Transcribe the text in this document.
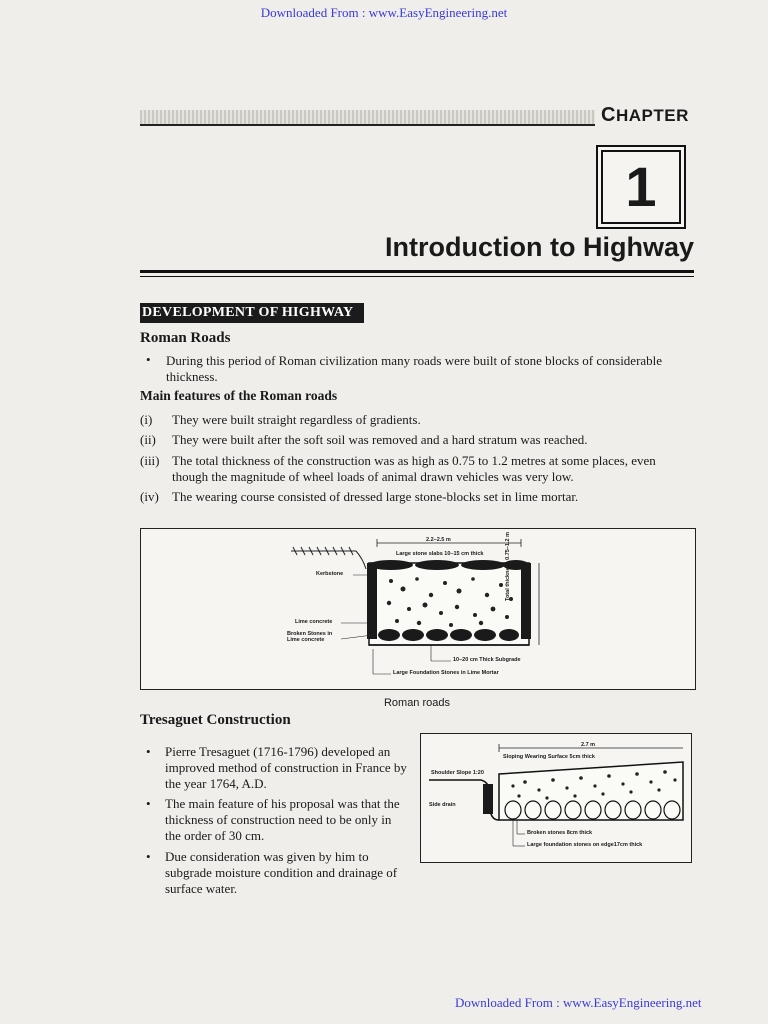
Downloaded From : www.EasyEngineering.net
CHAPTER
1
Introduction to Highway
DEVELOPMENT OF HIGHWAY
Roman Roads
• During this period of Roman civilization many roads were built of stone blocks of considerable thickness.
Main features of the Roman roads
(i) They were built straight regardless of gradients.
(ii) They were built after the soft soil was removed and a hard stratum was reached.
(iii) The total thickness of the construction was as high as 0.75 to 1.2 metres at some places, even though the magnitude of wheel loads of animal drawn vehicles was very low.
(iv) The wearing course consisted of dressed large stone-blocks set in lime mortar.
2.2–2.5 m
Large stone slabs 10–15 cm thick
Kerbstone
Lime concrete
Broken Stones in Lime concrete
10–20 cm Thick Subgrade
Large Foundation Stones in Lime Mortar
Total thickness 0.75–1.2 m
Roman roads
Tresaguet Construction
• Pierre Tresaguet (1716-1796) developed an improved method of construction in France by the year 1764, A.D.
• The main feature of his proposal was that the thickness of construction need to be only in the order of 30 cm.
• Due consideration was given by him to subgrade moisture condition and drainage of surface water.
2.7 m
Sloping Wearing Surface 5cm thick
Shoulder Slope 1:20
Side drain
Broken stones 8cm thick
Large foundation stones on edge17cm thick
Downloaded From : www.EasyEngineering.net
